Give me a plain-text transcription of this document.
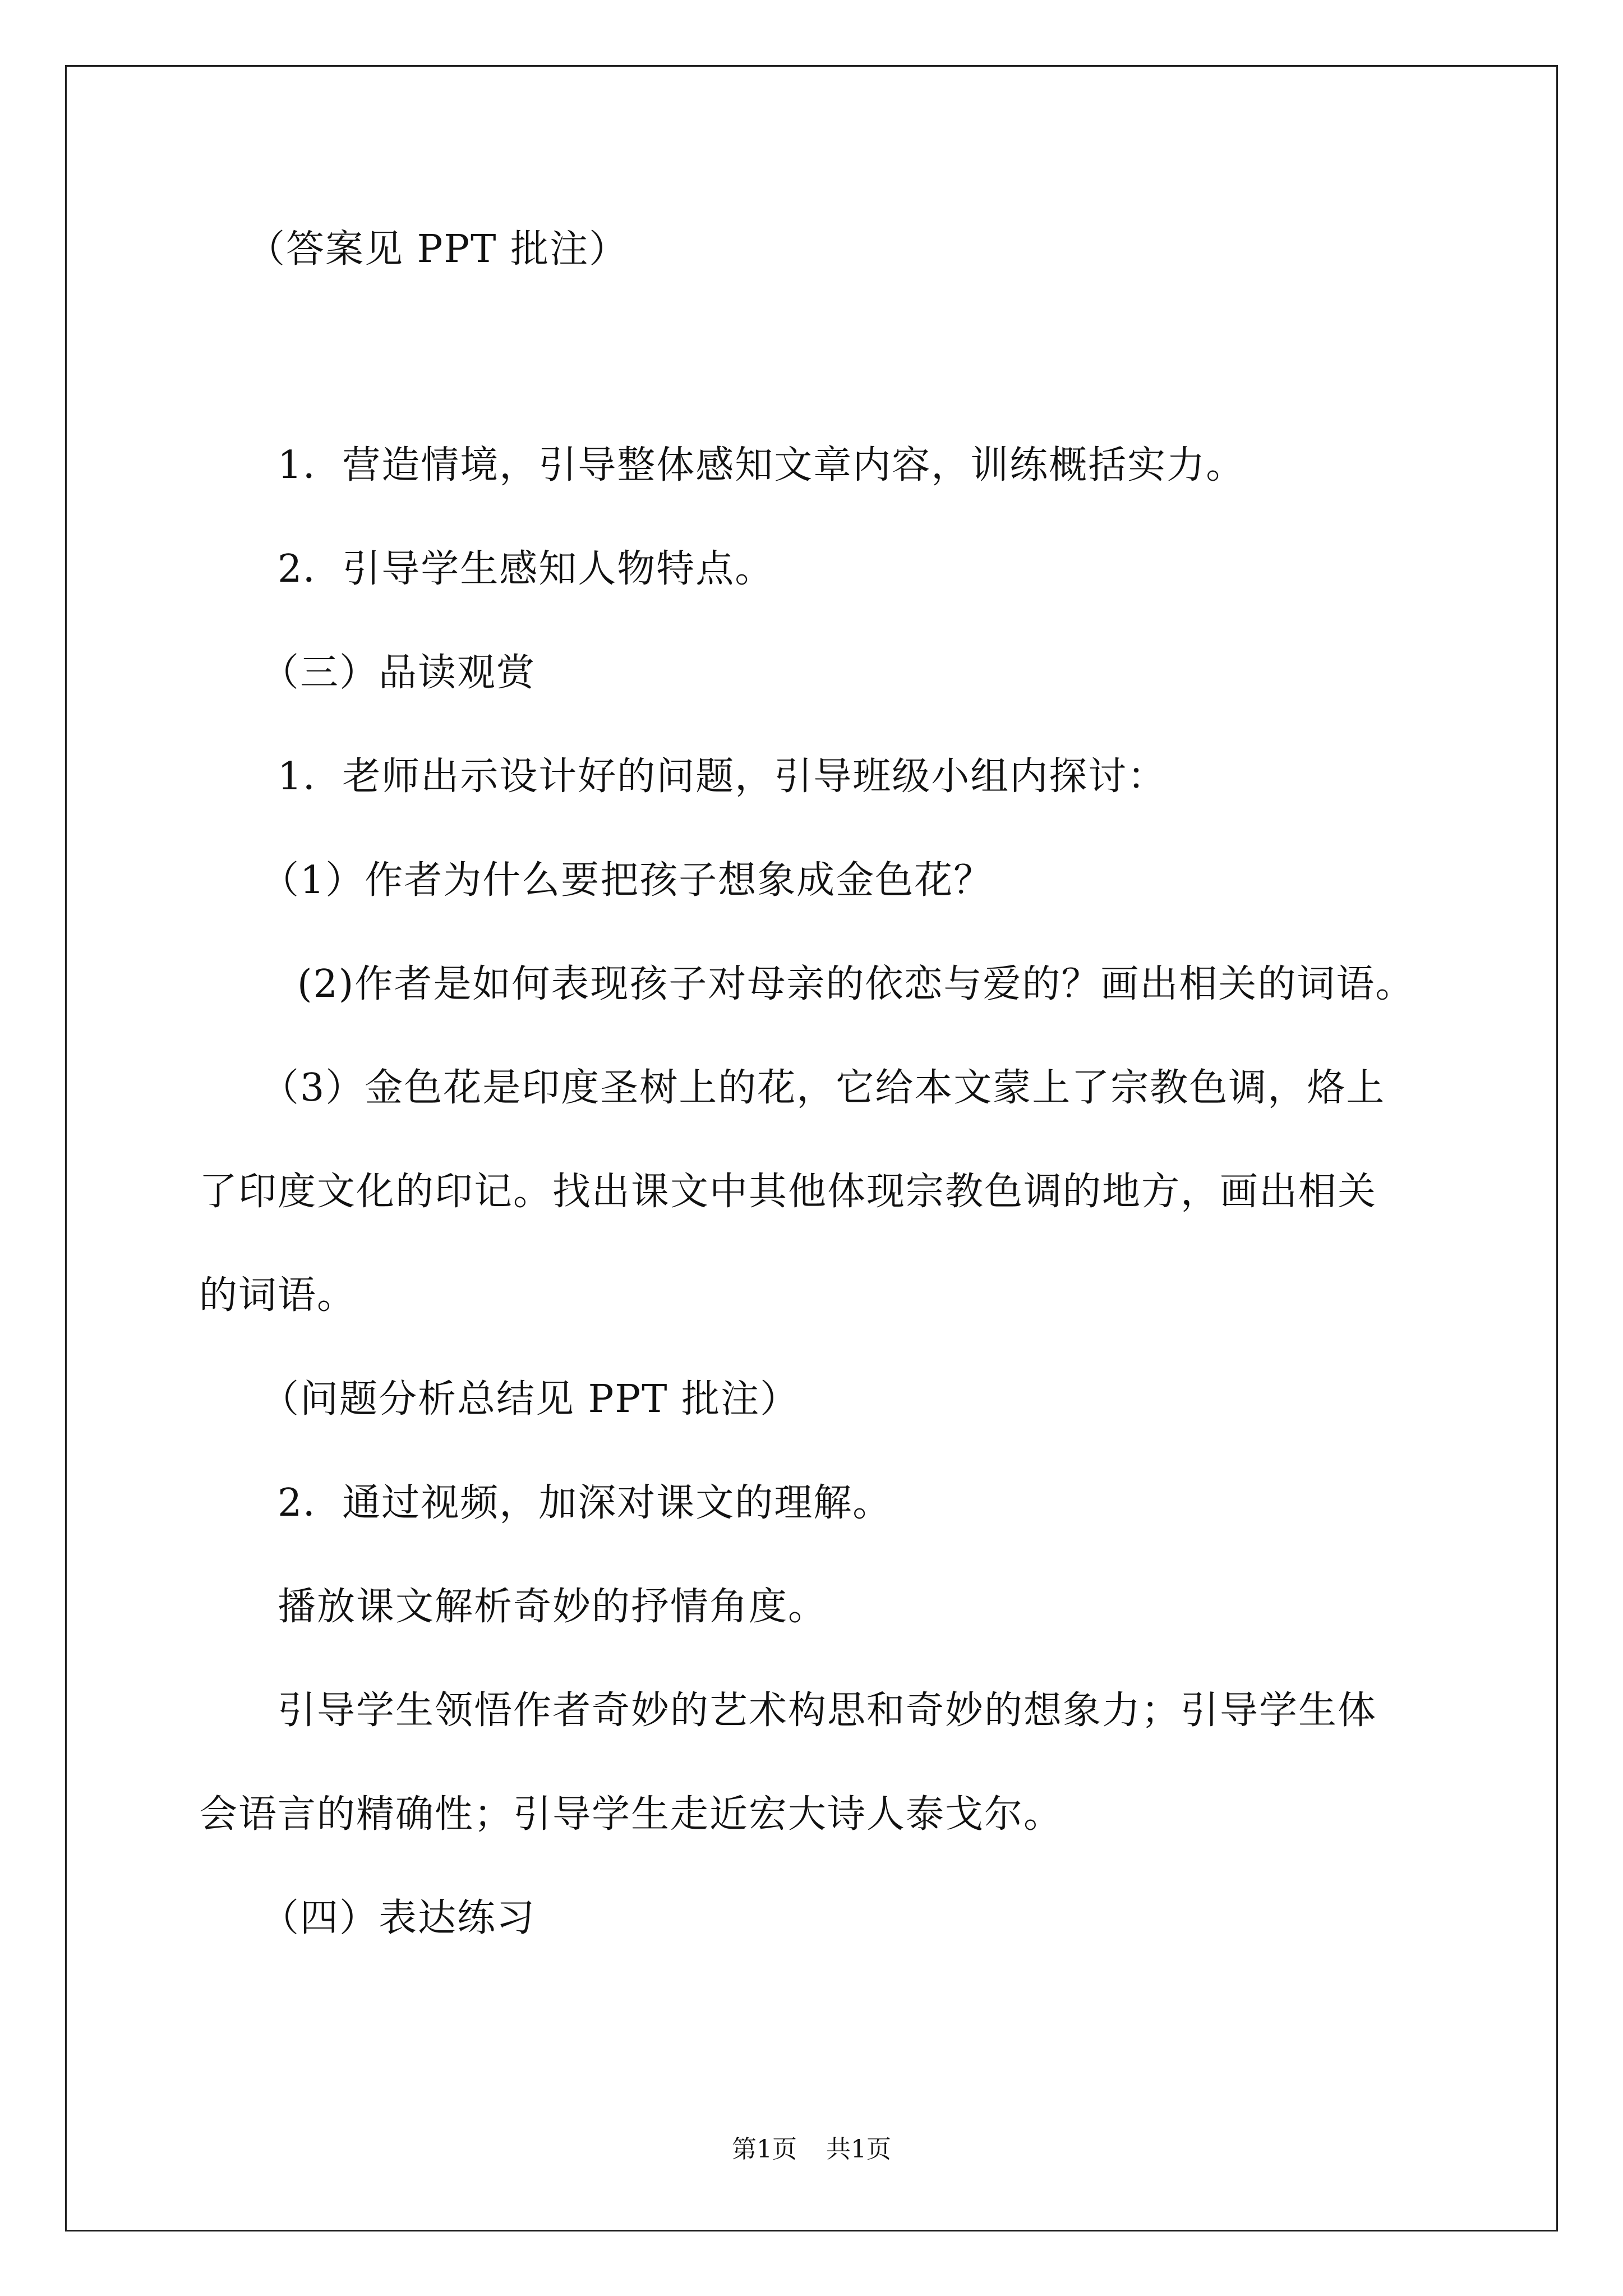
（答案见 PPT 批注）
1．营造情境，引导整体感知文章内容，训练概括实力。
2．引导学生感知人物特点。
（三）品读观赏
1．老师出示设计好的问题，引导班级小组内探讨：
（1）作者为什么要把孩子想象成金色花？
(2)作者是如何表现孩子对母亲的依恋与爱的？画出相关的词语。
（3）金色花是印度圣树上的花，它给本文蒙上了宗教色调，烙上
了印度文化的印记。找出课文中其他体现宗教色调的地方，画出相关
的词语。
（问题分析总结见 PPT 批注）
2．通过视频，加深对课文的理解。
播放课文解析奇妙的抒情角度。
引导学生领悟作者奇妙的艺术构思和奇妙的想象力；引导学生体
会语言的精确性；引导学生走近宏大诗人泰戈尔。
（四）表达练习
第1页 共1页
